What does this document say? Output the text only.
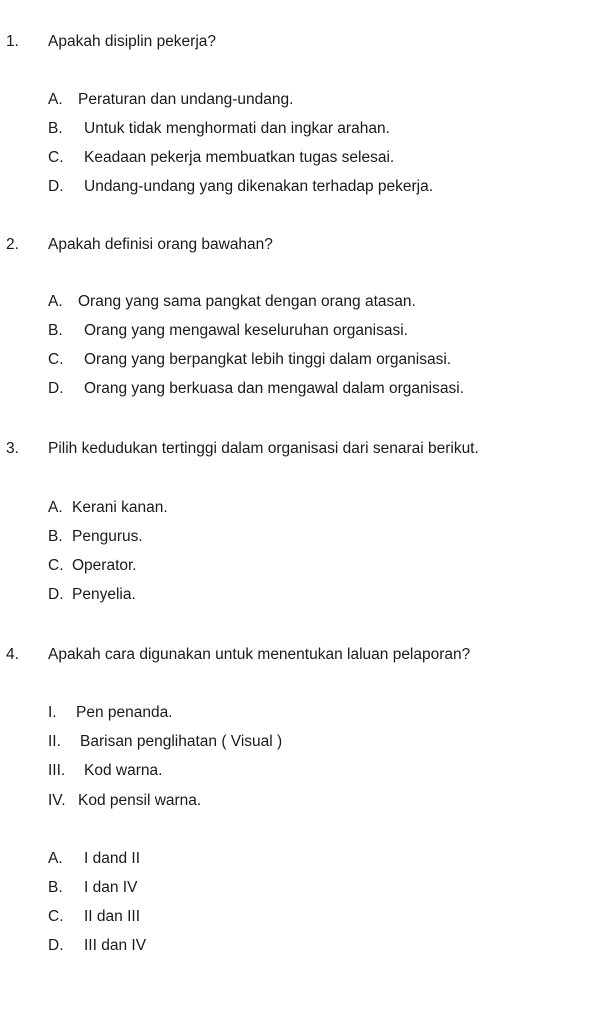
1. Apakah disiplin pekerja?
A. Peraturan dan undang-undang.
B. Untuk tidak menghormati dan ingkar arahan.
C. Keadaan pekerja membuatkan tugas selesai.
D. Undang-undang yang dikenakan terhadap pekerja.
2. Apakah definisi orang bawahan?
A. Orang yang sama pangkat dengan orang atasan.
B. Orang yang mengawal keseluruhan organisasi.
C. Orang yang berpangkat lebih tinggi dalam organisasi.
D. Orang yang berkuasa dan mengawal dalam organisasi.
3. Pilih kedudukan tertinggi dalam organisasi dari senarai berikut.
A. Kerani kanan.
B. Pengurus.
C. Operator.
D. Penyelia.
4. Apakah cara digunakan untuk menentukan laluan pelaporan?
I. Pen penanda.
II. Barisan penglihatan ( Visual )
III. Kod warna.
IV. Kod pensil warna.
A. I dand II
B. I dan IV
C. II dan III
D. III dan IV
